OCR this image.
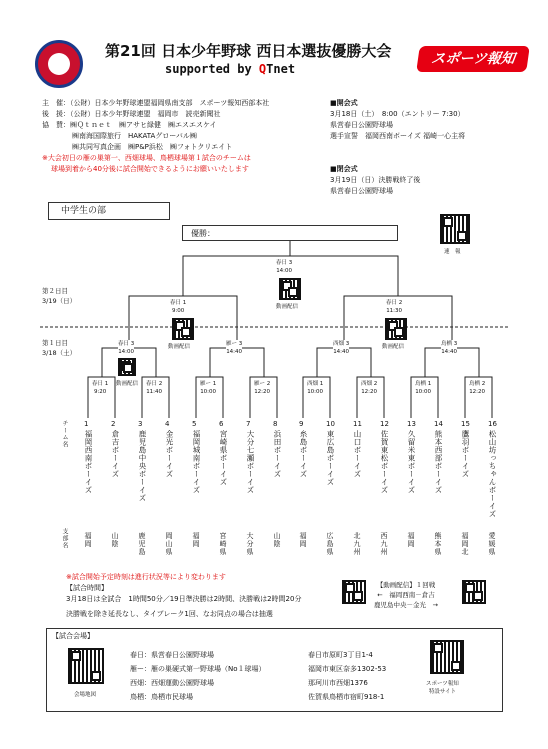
第21回 日本少年野球 西日本選抜優勝大会
supported by QTnet
スポーツ報知
主　催：（公財）日本少年野球連盟福岡県南支部　スポーツ報知西部本社
後　援：（公財）日本少年野球連盟　福岡市　読売新聞社
協　賛：㈱Ｑｔｎｅｔ　㈱アサヒ緑健　㈱エスエスケイ
㈱南海国際旅行　HAKATAグローバル㈱
㈱共同写真企画　㈱P&P浜松　㈱フォトクリエイト
※大会初日の雁の巣第一、西畑球場、鳥栖球場第１試合のチームは
球場到着から40分後に試合開始できるようにお願いいたします
■開会式
3月18日（土）　8:00（エントリー 7:30）
県営春日公園野球場
選手宣誓　福岡西南ボーイズ 福崎一心主将
■閉会式
3月19日（日）決勝戦終了後
県営春日公園野球場
中学生の部
優勝：
速　報
第２日目
3/19（日）
第１日目
3/18（土）
春日 3
14:00
動画配信
春日 1
9:00
動画配信
春日 2
11:30
動画配信
春日 3
14:00
雁ー 3
14:40
西畑 3
14:40
鳥栖 3
14:40
動画配信
春日 1
9:20
春日 2
11:40
雁ー 1
10:00
雁ー 2
12:20
西畑 1
10:00
西畑 2
12:20
鳥栖 1
10:00
鳥栖 2
12:20
チーム名
支部名
1
福岡西南ボーイズ
福岡
2
倉吉ボーイズ
山陰
3
鹿児島中央ボーイズ
鹿児島
4
金光ボーイズ
岡山県
5
福岡城南ボーイズ
福岡
6
宮崎県ボーイズ
宮崎県
7
大分七瀬ボーイズ
大分県
8
浜田ボーイズ
山陰
9
糸島ボーイズ
福岡
10
東広島ボーイズ
広島県
11
山口ボーイズ
北九州
12
佐賀東松ボーイズ
西九州
13
久留米東ボーイズ
福岡
14
熊本西部ボーイズ
熊本県
15
鷹羽ボーイズ
福岡北
16
松山坊っちゃんボーイズ
愛媛県
※試合開始予定時刻は進行状況等により変わります
【試合時間】
3月18日は全試合　1時間50分／19日準決勝は2時間、決勝戦は2時間20分
決勝戦を除き延長なし、タイブレーク1回、なお同点の場合は抽選
【動画配信】１回戦
←　福岡西南－倉吉
鹿児島中央－金光　→
【試合会場】
会場地図
春日：県営春日公園野球場
雁ー：雁の巣硬式第一野球場（No１球場）
西畑：西畑運動公園野球場
鳥栖：鳥栖市民球場
春日市原町3丁目1-4
福岡市東区奈多1302-53
那珂川市西畑1376
佐賀県鳥栖市宿町918-1
スポーツ報知
特設サイト
